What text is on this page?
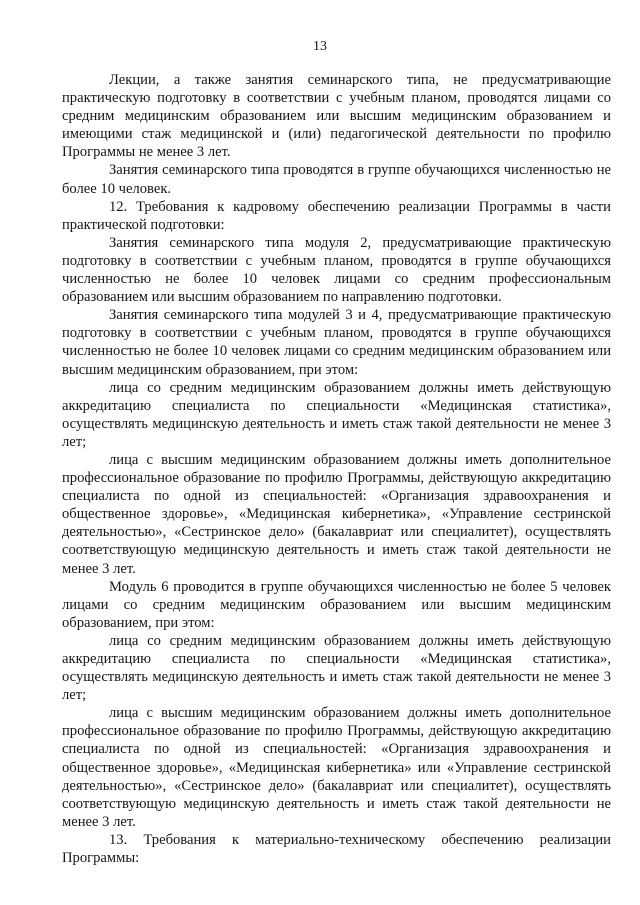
13

Лекции, а также занятия семинарского типа, не предусматривающие практическую подготовку в соответствии с учебным планом, проводятся лицами со средним медицинским образованием или высшим медицинским образованием и имеющими стаж медицинской и (или) педагогической деятельности по профилю Программы не менее 3 лет.

Занятия семинарского типа проводятся в группе обучающихся численностью не более 10 человек.

12. Требования к кадровому обеспечению реализации Программы в части практической подготовки:

Занятия семинарского типа модуля 2, предусматривающие практическую подготовку в соответствии с учебным планом, проводятся в группе обучающихся численностью не более 10 человек лицами со средним профессиональным образованием или высшим образованием по направлению подготовки.

Занятия семинарского типа модулей 3 и 4, предусматривающие практическую подготовку в соответствии с учебным планом, проводятся в группе обучающихся численностью не более 10 человек лицами со средним медицинским образованием или высшим медицинским образованием, при этом:

лица со средним медицинским образованием должны иметь действующую аккредитацию специалиста по специальности «Медицинская статистика», осуществлять медицинскую деятельность и иметь стаж такой деятельности не менее 3 лет;

лица с высшим медицинским образованием должны иметь дополнительное профессиональное образование по профилю Программы, действующую аккредитацию специалиста по одной из специальностей: «Организация здравоохранения и общественное здоровье», «Медицинская кибернетика», «Управление сестринской деятельностью», «Сестринское дело» (бакалавриат или специалитет), осуществлять соответствующую медицинскую деятельность и иметь стаж такой деятельности не менее 3 лет.

Модуль 6 проводится в группе обучающихся численностью не более 5 человек лицами со средним медицинским образованием или высшим медицинским образованием, при этом:

лица со средним медицинским образованием должны иметь действующую аккредитацию специалиста по специальности «Медицинская статистика», осуществлять медицинскую деятельность и иметь стаж такой деятельности не менее 3 лет;

лица с высшим медицинским образованием должны иметь дополнительное профессиональное образование по профилю Программы, действующую аккредитацию специалиста по одной из специальностей: «Организация здравоохранения и общественное здоровье», «Медицинская кибернетика» или «Управление сестринской деятельностью», «Сестринское дело» (бакалавриат или специалитет), осуществлять соответствующую медицинскую деятельность и иметь стаж такой деятельности не менее 3 лет.

13. Требования к материально-техническому обеспечению реализации Программы:
